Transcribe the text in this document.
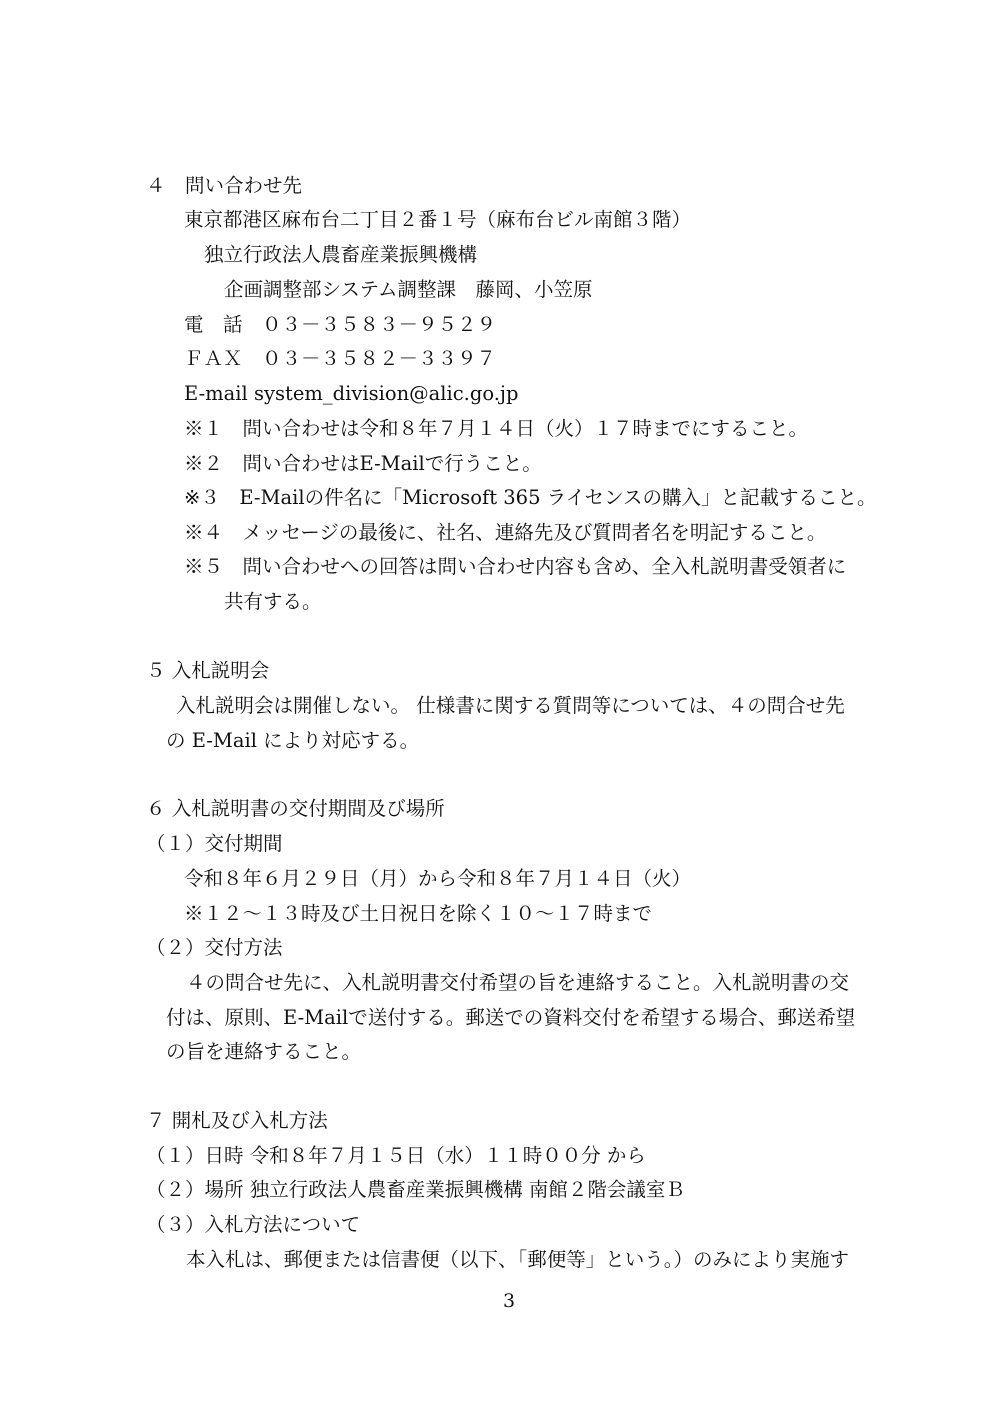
４　問い合わせ先

東京都港区麻布台二丁目２番１号（麻布台ビル南館３階）

独立行政法人農畜産業振興機構

企画調整部システム調整課　藤岡、小笠原

電　話　０３－３５８３－９５２９

ＦＡＸ　０３－３５８２－３３９７

E-mail system_division@alic.go.jp

※１　問い合わせは令和８年７月１４日（火）１７時までにすること。

※２　問い合わせはE-Mailで行うこと。

※３　E-Mailの件名に「Microsoft 365 ライセンスの購入」と記載すること。

※４　メッセージの最後に、社名、連絡先及び質問者名を明記すること。

※５　問い合わせへの回答は問い合わせ内容も含め、全入札説明書受領者に

共有する。

５ 入札説明会

入札説明会は開催しない。 仕様書に関する質問等については、４の問合せ先

の E-Mail により対応する。

６ 入札説明書の交付期間及び場所

（１）交付期間

令和８年６月２９日（月）から令和８年７月１４日（火）

※１２～１３時及び土日祝日を除く１０～１７時まで

（２）交付方法

４の問合せ先に、入札説明書交付希望の旨を連絡すること。入札説明書の交

付は、原則、E-Mailで送付する。郵送での資料交付を希望する場合、郵送希望

の旨を連絡すること。

７ 開札及び入札方法

（１）日時 令和８年７月１５日（水）１１時００分 から

（２）場所 独立行政法人農畜産業振興機構 南館２階会議室Ｂ

（３）入札方法について

本入札は、郵便または信書便（以下、「郵便等」という。）のみにより実施す

3
